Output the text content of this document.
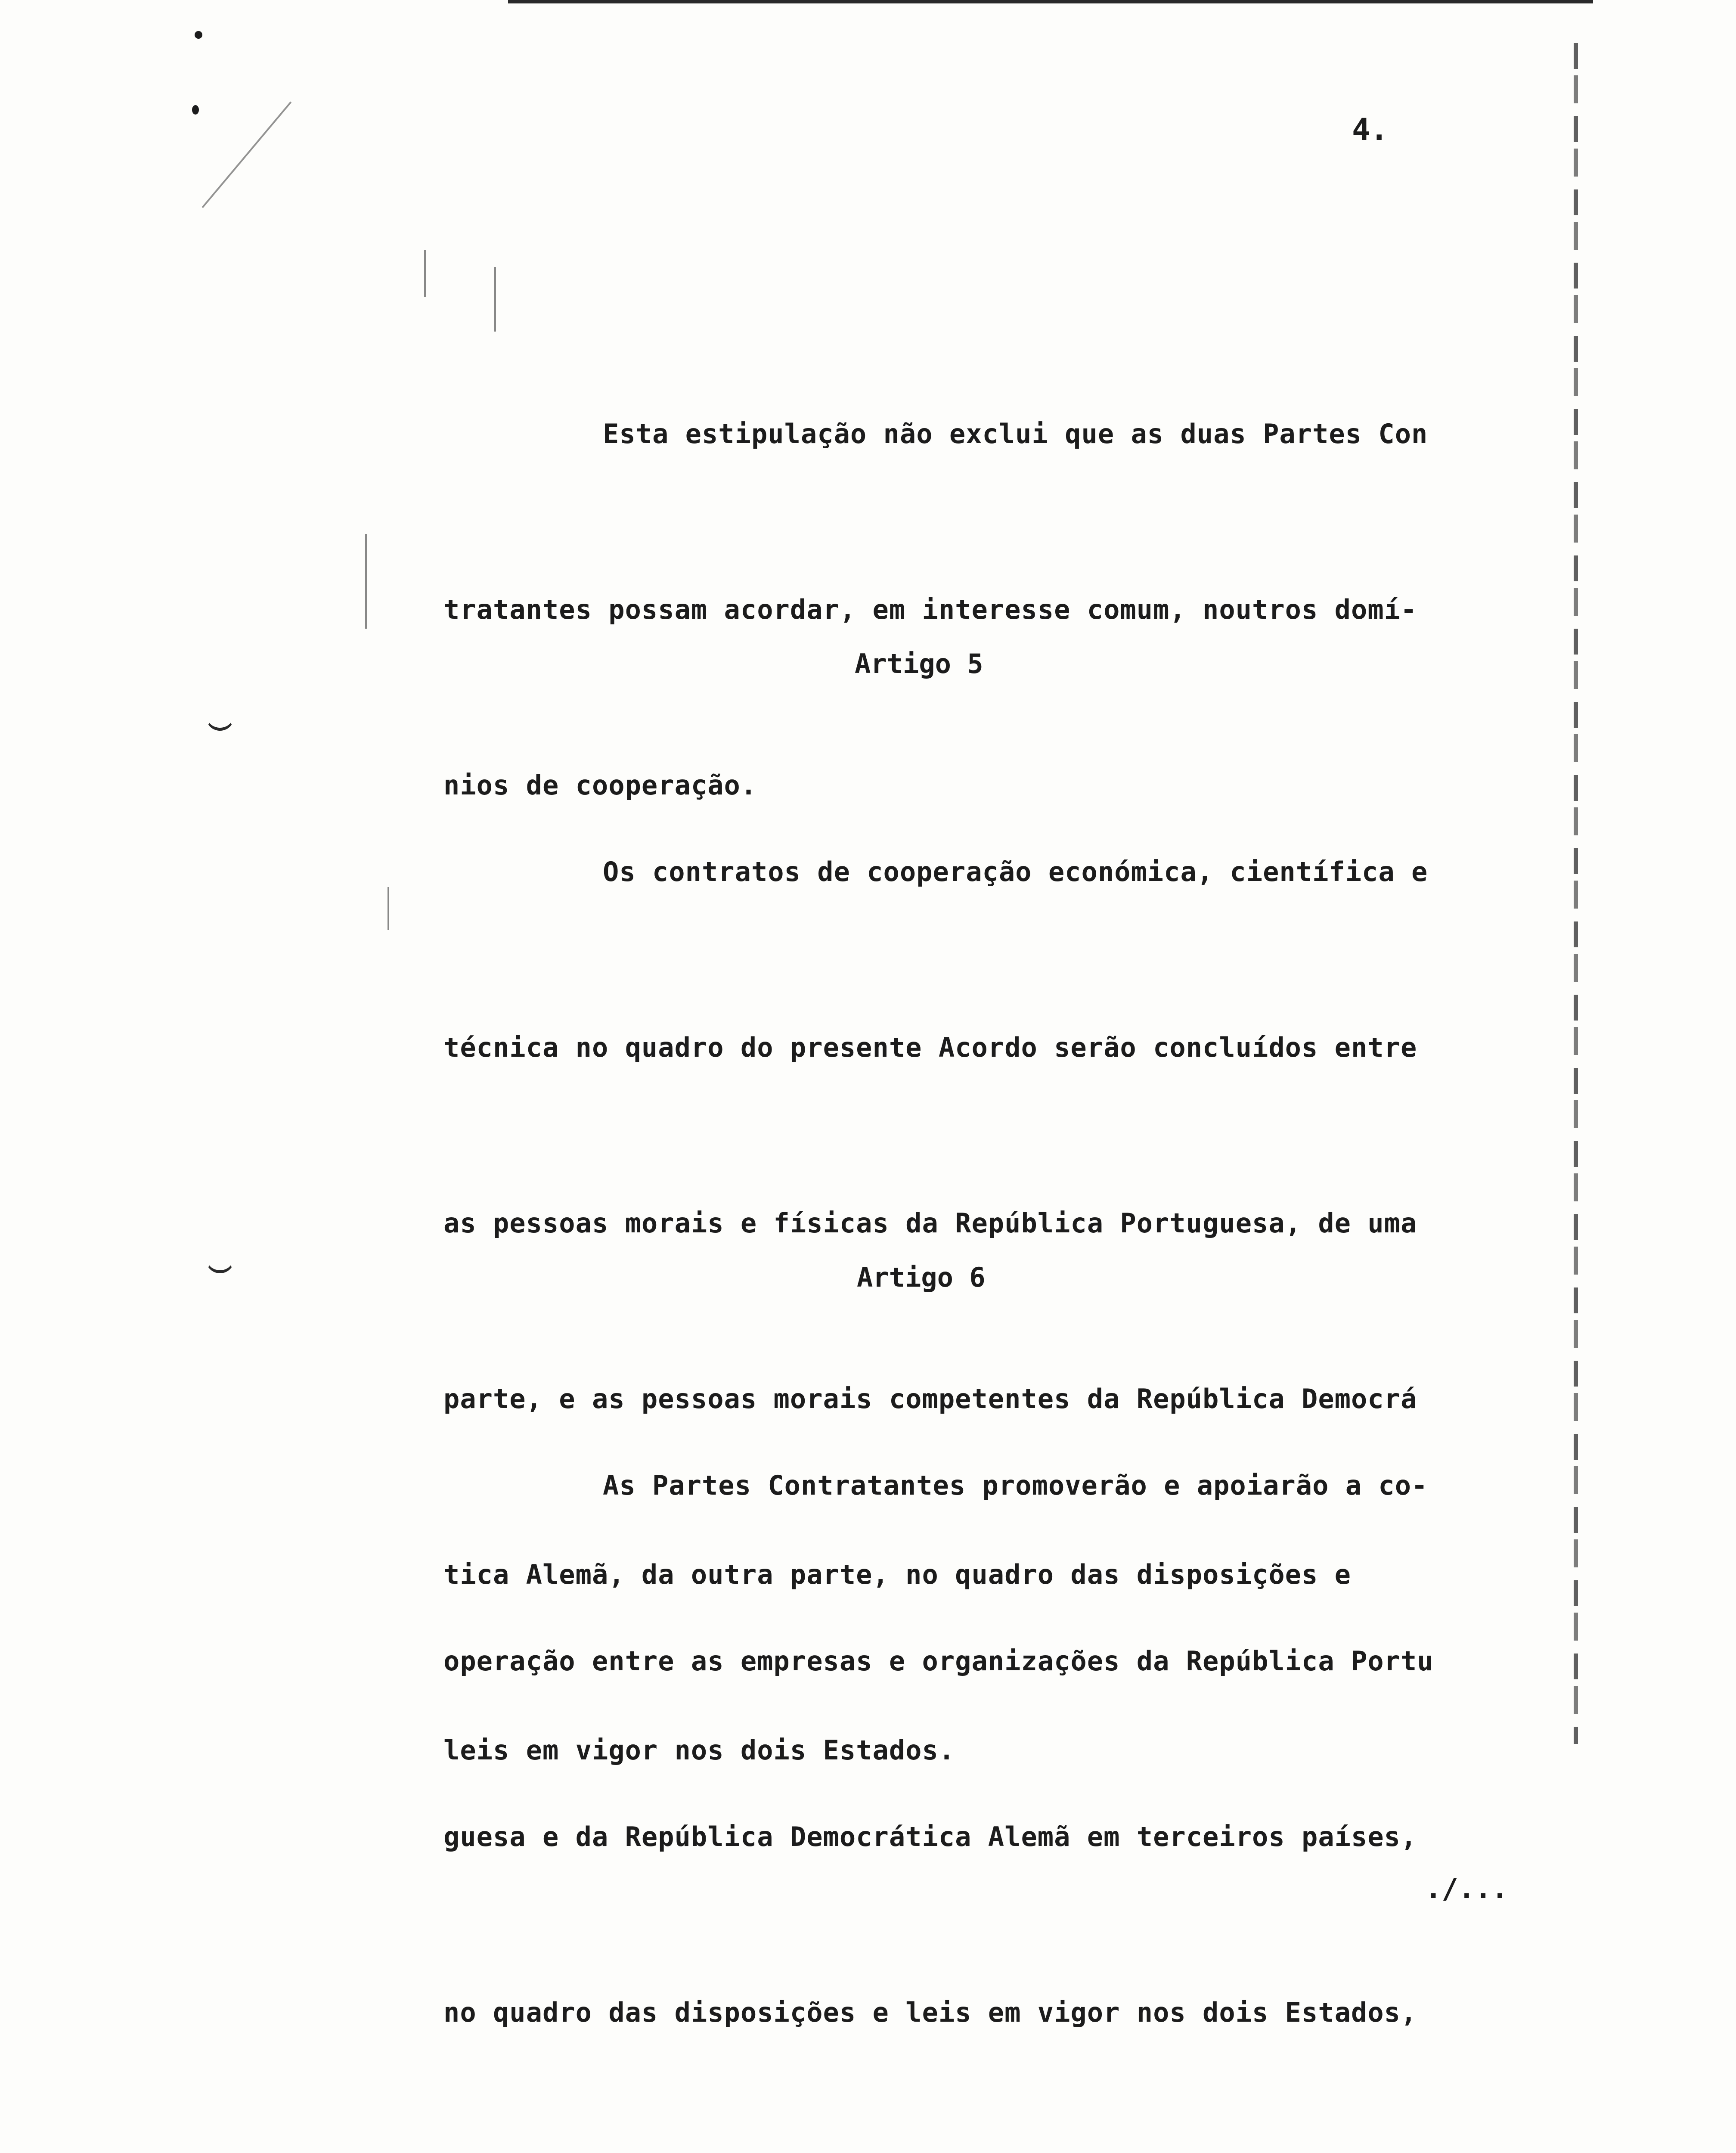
4.

Esta estipulação não exclui que as duas Partes Con

tratantes possam acordar, em interesse comum, noutros domí-

nios de cooperação.

Artigo 5

Os contratos de cooperação económica, científica e

técnica no quadro do presente Acordo serão concluídos entre

as pessoas morais e físicas da República Portuguesa, de uma

parte, e as pessoas morais competentes da República Democrá

tica Alemã, da outra parte, no quadro das disposições e

leis em vigor nos dois Estados.

Artigo 6

As Partes Contratantes promoverão e apoiarão a co-

operação entre as empresas e organizações da República Portu

guesa e da República Democrática Alemã em terceiros países,

no quadro das disposições e leis em vigor nos dois Estados,

./...
